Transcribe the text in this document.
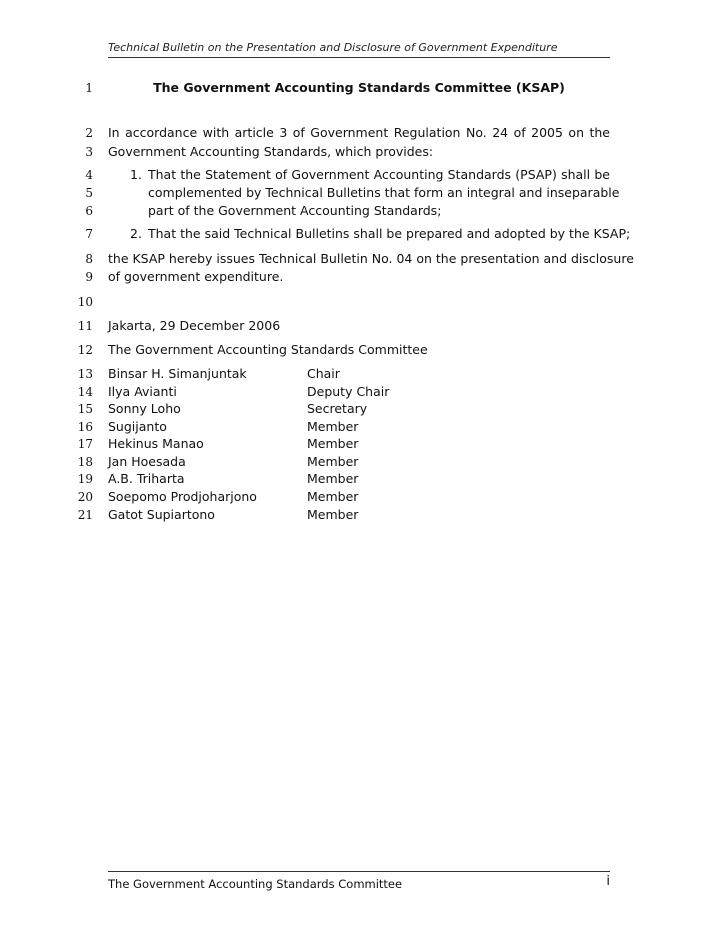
Technical Bulletin on the Presentation and Disclosure of Government Expenditure
1
2
3
4
5
6
7
8
9
10
11
12
13
14
15
16
17
18
19
20
21
The Government Accounting Standards Committee (KSAP)
In accordance with article 3 of Government Regulation No. 24 of 2005 on the
Government Accounting Standards, which provides:
1. That the Statement of Government Accounting Standards (PSAP) shall be
complemented by Technical Bulletins that form an integral and inseparable
part of the Government Accounting Standards;
2. That the said Technical Bulletins shall be prepared and adopted by the KSAP;
the KSAP hereby issues Technical Bulletin No. 04 on the presentation and disclosure
of government expenditure.
Jakarta, 29 December 2006
The Government Accounting Standards Committee
Binsar H. Simanjuntak	Chair
Ilya Avianti	Deputy Chair
Sonny Loho	Secretary
Sugijanto	Member
Hekinus Manao	Member
Jan Hoesada	Member
A.B. Triharta	Member
Soepomo Prodjoharjono	Member
Gatot Supiartono	Member
The Government Accounting Standards Committee	i
